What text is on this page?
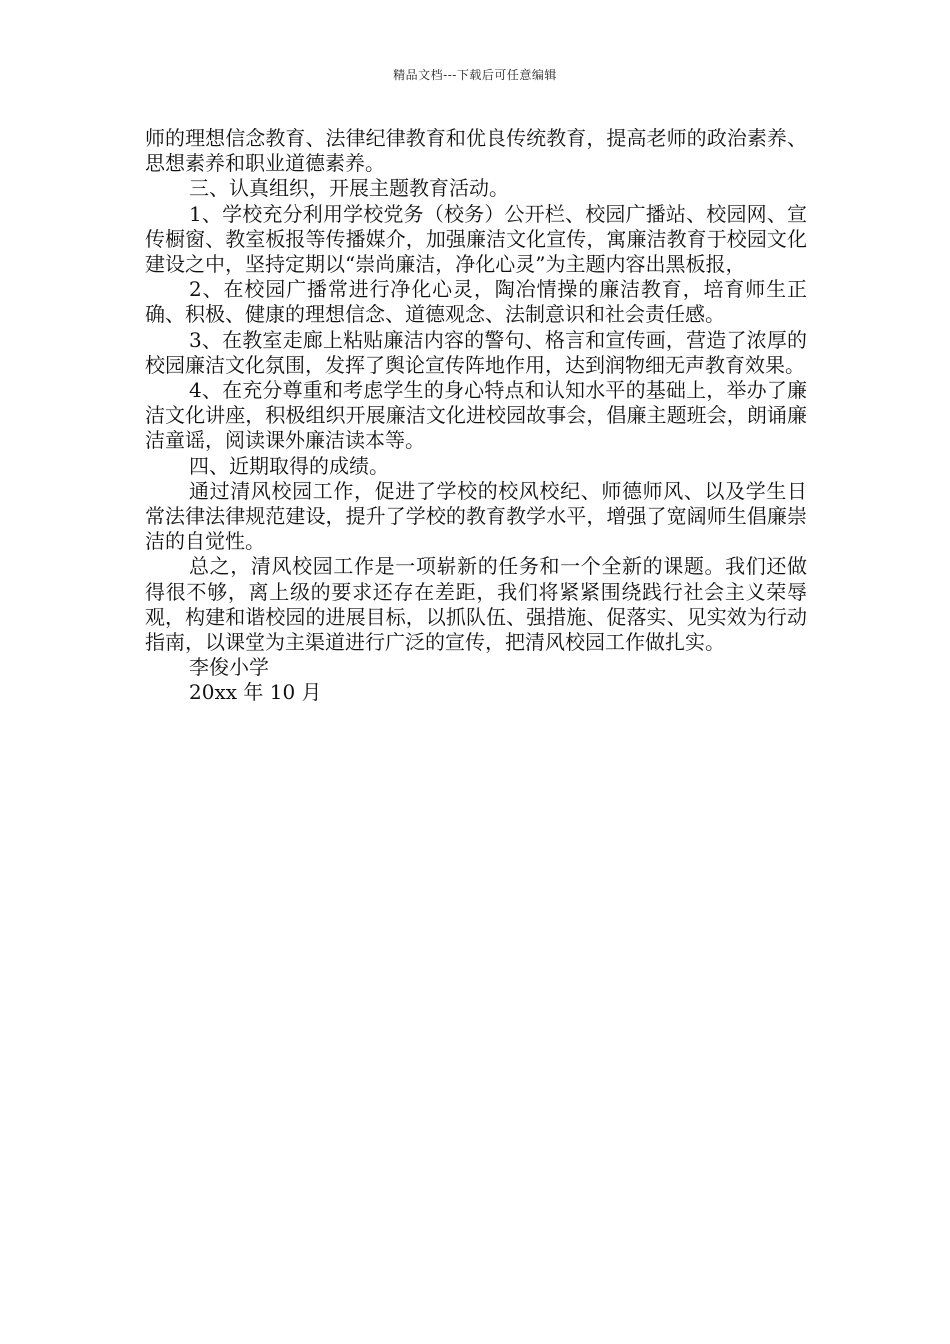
精品文档---下载后可任意编辑

师的理想信念教育、法律纪律教育和优良传统教育，提高老师的政治素养、思想素养和职业道德素养。

三、认真组织，开展主题教育活动。

1、学校充分利用学校党务（校务）公开栏、校园广播站、校园网、宣传橱窗、教室板报等传播媒介，加强廉洁文化宣传，寓廉洁教育于校园文化建设之中，坚持定期以“崇尚廉洁，净化心灵”为主题内容出黑板报，

2、在校园广播常进行净化心灵，陶冶情操的廉洁教育，培育师生正确、积极、健康的理想信念、道德观念、法制意识和社会责任感。

3、在教室走廊上粘贴廉洁内容的警句、格言和宣传画，营造了浓厚的校园廉洁文化氛围，发挥了舆论宣传阵地作用，达到润物细无声教育效果。

4、在充分尊重和考虑学生的身心特点和认知水平的基础上，举办了廉洁文化讲座，积极组织开展廉洁文化进校园故事会，倡廉主题班会，朗诵廉洁童谣，阅读课外廉洁读本等。

四、近期取得的成绩。

通过清风校园工作，促进了学校的校风校纪、师德师风、以及学生日常法律法律规范建设，提升了学校的教育教学水平，增强了宽阔师生倡廉崇洁的自觉性。

总之，清风校园工作是一项崭新的任务和一个全新的课题。我们还做得很不够，离上级的要求还存在差距，我们将紧紧围绕践行社会主义荣辱观，构建和谐校园的进展目标，以抓队伍、强措施、促落实、见实效为行动指南，以课堂为主渠道进行广泛的宣传，把清风校园工作做扎实。

李俊小学

20xx 年 10 月
